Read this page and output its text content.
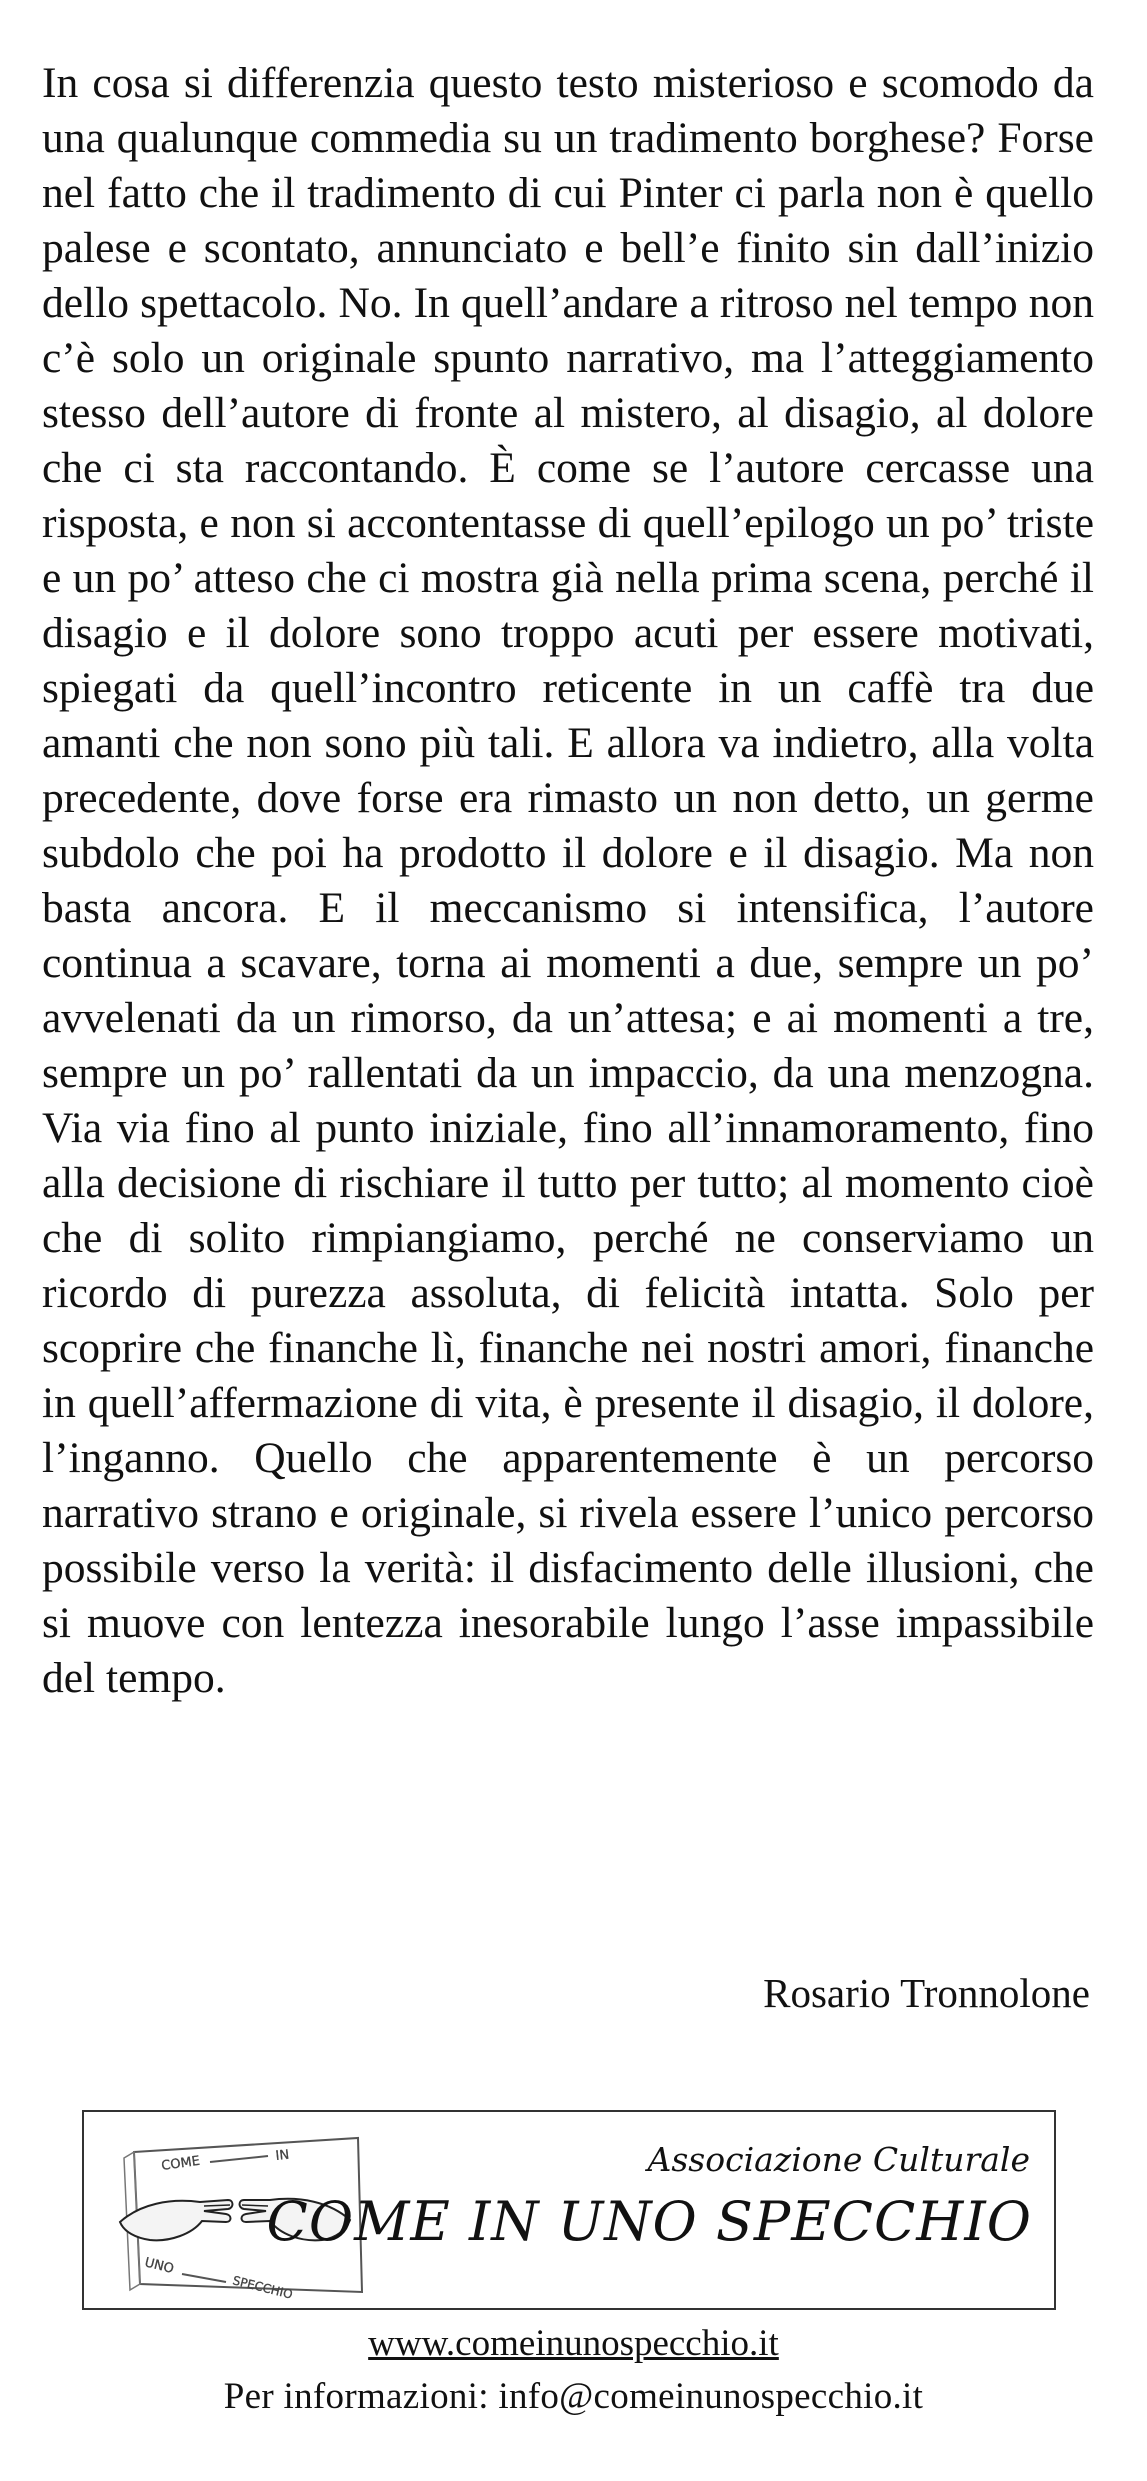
In cosa si differenzia questo testo misterioso e scomodo da una qualunque commedia su un tradimento borghese? Forse nel fatto che il tradimento di cui Pinter ci parla non è quello palese e scontato, annunciato e bell’e finito sin dall’inizio dello spettacolo. No. In quell’andare a ritroso nel tempo non c’è solo un originale spunto narrativo, ma l’atteggiamento stesso dell’autore di fronte al mistero, al disagio, al dolore che ci sta raccontando. È come se l’autore cercasse una risposta, e non si accontentasse di quell’epilogo un po’ triste e un po’ atteso che ci mostra già nella prima scena, perché il disagio e il dolore sono troppo acuti per essere motivati, spiegati da quell’incontro reticente in un caffè tra due amanti che non sono più tali. E allora va indietro, alla volta precedente, dove forse era rimasto un non detto, un germe subdolo che poi ha prodotto il dolore e il disagio. Ma non basta ancora. E il meccanismo si intensifica, l’autore continua a scavare, torna ai momenti a due, sempre un po’ avvelenati da un rimorso, da un’attesa; e ai momenti a tre, sempre un po’ rallentati da un impaccio, da una menzogna. Via via fino al punto iniziale, fino all’innamoramento, fino alla decisione di rischiare il tutto per tutto; al momento cioè che di solito rimpiangiamo, perché ne conserviamo un ricordo di purezza assoluta, di felicità intatta. Solo per scoprire che finanche lì, finanche nei nostri amori, finanche in quell’affermazione di vita, è presente il disagio, il dolore, l’inganno. Quello che apparentemente è un percorso narrativo strano e originale, si rivela essere l’unico percorso possibile verso la verità: il disfacimento delle illusioni, che si muove con lentezza inesorabile lungo l’asse impassibile del tempo.

Rosario Tronnolone

COME	IN
UNO
SPECCHIO

Associazione Culturale

COME IN UNO SPECCHIO

www.comeinunospecchio.it

Per informazioni: info@comeinunospecchio.it
